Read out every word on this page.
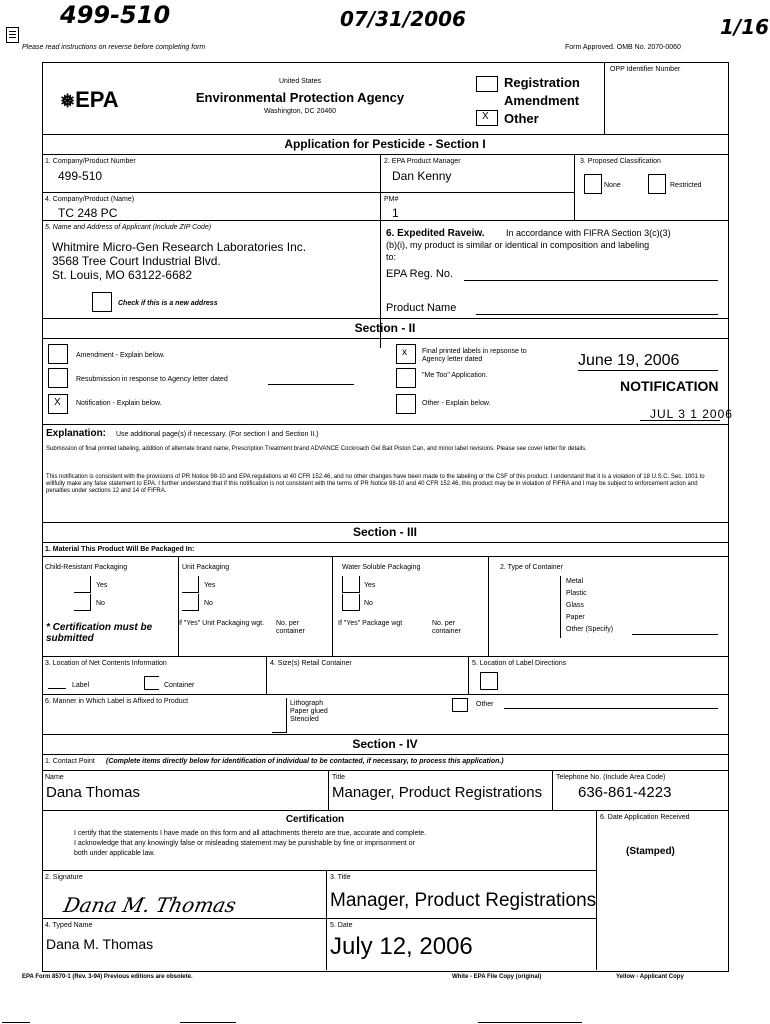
499-510	07/31/2006	1/16
Please read instructions on reverse before completing form	Form Approved. OMB No. 2070-0060
❅EPA
United States
Environmental Protection Agency
Washington, DC 20460
Registration
Amendment
X Other
OPP Identifier Number
Application for Pesticide - Section I
1. Company/Product Number
499-510
2. EPA Product Manager
Dan Kenny
3. Proposed Classification
None	Restricted
4. Company/Product (Name)
TC 248 PC
PM#
1
5. Name and Address of Applicant (Include ZIP Code)
Whitmire Micro-Gen Research Laboratories Inc.
3568 Tree Court Industrial Blvd.
St. Louis, MO 63122-6682
Check if this is a new address
6. Expedited Raveiw. In accordance with FIFRA Section 3(c)(3)
(b)(i), my product is similar or identical in composition and labeling
to:
EPA Reg. No.
Product Name
Section - II
Amendment - Explain below.
Resubmission in response to Agency letter dated
X Notification - Explain below.
x Final printed labels in repsonse to
Agency letter dated
"Me Too" Application.
Other - Explain below.
June 19, 2006
NOTIFICATION
JUL 3 1 2006
Explanation: Use additional page(s) if necessary. (For section I and Section II.)
Submission of final printed labeling, addition of alternate brand name, Prescription Treatment brand ADVANCE Cockroach Gel Bait Piston Can, and minor label revisions. Please see cover letter for details.
This notification is consistent with the provisions of PR Notice 98-10 and EPA regulations at 40 CFR 152.46, and no other changes have been made to the labeling or the CSF of this product. I understand that it is a violation of 18 U.S.C. Sec. 1001 to willfully make any false statement to EPA. I further understand that if this notification is not consistent with the terms of PR Notice 98-10 and 40 CFR 152.46, this product may be in violation of FIFRA and I may be subject to enforcement action and penalties under sections 12 and 14 of FIFRA.
Section - III
1. Material This Product Will Be Packaged In:
Child-Resistant Packaging
Yes
No
* Certification must be submitted
Unit Packaging
Yes
No
If "Yes" Unit Packaging wgt.	No. per container
Water Soluble Packaging
Yes
No
If "Yes" Package wgt	No. per container
2. Type of Container
Metal
Plastic
Glass
Paper
Other (Specify)
3. Location of Net Contents Information
Label	Container
4. Size(s) Retail Container	5. Location of Label Directions
6. Manner in Which Label is Affixed to Product	Lithograph
Paper glued
Stenciled
Other
Section - IV
1. Contact Point (Complete items directly below for identification of individual to be contacted, if necessary, to process this application.)
Name
Dana Thomas
Title
Manager, Product Registrations
Telephone No. (Include Area Code)
636-861-4223
Certification
I certify that the statements I have made on this form and all attachments thereto are true, accurate and complete.
I acknowledge that any knowingly false or misleading statement may be punishable by fine or imprisonment or
both under applicable law.
6. Date Application Received
(Stamped)
2. Signature
Dana M. Thomas
3. Title
Manager, Product Registrations
4. Typed Name
Dana M. Thomas
5. Date
July 12, 2006
EPA Form 8570-1 (Rev. 3-94) Previous editions are obsolete.	White - EPA File Copy (original)	Yellow - Applicant Copy
